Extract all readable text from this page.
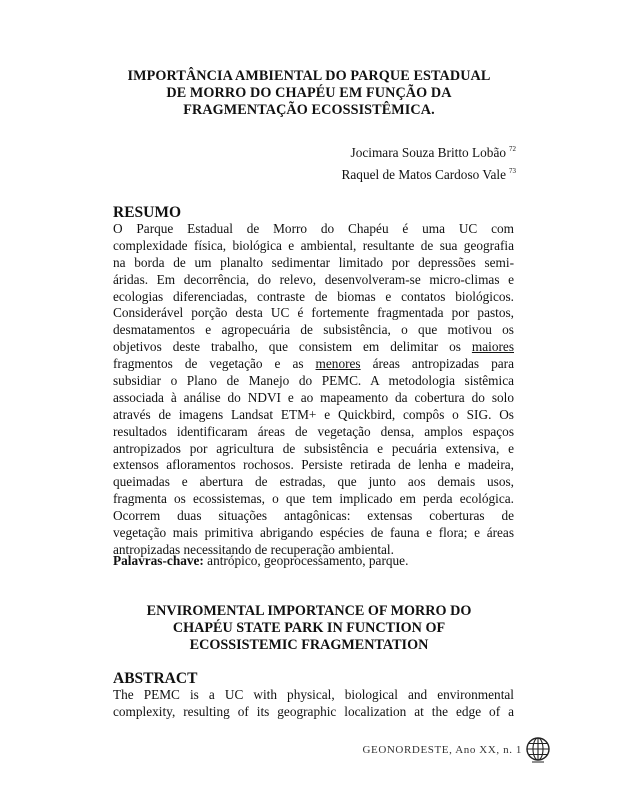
IMPORTÂNCIA AMBIENTAL DO PARQUE ESTADUAL
DE MORRO DO CHAPÉU EM FUNÇÃO DA
FRAGMENTAÇÃO ECOSSISTÊMICA.
Jocimara Souza Britto Lobão $^{72}$
Raquel de Matos Cardoso Vale $^{73}$
RESUMO
O Parque Estadual de Morro do Chapéu é uma UC com
complexidade física, biológica e ambiental, resultante de sua geografia
na borda de um planalto sedimentar limitado por depressões semi-
áridas. Em decorrência, do relevo, desenvolveram-se micro-climas e
ecologias diferenciadas, contraste de biomas e contatos biológicos.
Considerável porção desta UC é fortemente fragmentada por pastos,
desmatamentos e agropecuária de subsistência, o que motivou os
objetivos deste trabalho, que consistem em delimitar os maiores
fragmentos de vegetação e as menores áreas antropizadas para
subsidiar o Plano de Manejo do PEMC. A metodologia sistêmica
associada à análise do NDVI e ao mapeamento da cobertura do solo
através de imagens Landsat ETM+ e Quickbird, compôs o SIG. Os
resultados identificaram áreas de vegetação densa, amplos espaços
antropizados por agricultura de subsistência e pecuária extensiva, e
extensos afloramentos rochosos. Persiste retirada de lenha e madeira,
queimadas e abertura de estradas, que junto aos demais usos,
fragmenta os ecossistemas, o que tem implicado em perda ecológica.
Ocorrem duas situações antagônicas: extensas coberturas de
vegetação mais primitiva abrigando espécies de fauna e flora; e áreas
antropizadas necessitando de recuperação ambiental.
Palavras-chave: antrópico, geoprocessamento, parque.
ENVIROMENTAL IMPORTANCE OF MORRO DO
CHAPÉU STATE PARK IN FUNCTION OF
ECOSSISTEMIC FRAGMENTATION
ABSTRACT
The PEMC is a UC with physical, biological and environmental
complexity, resulting of its geographic localization at the edge of a
GEONORDESTE, Ano XX, n. 1
